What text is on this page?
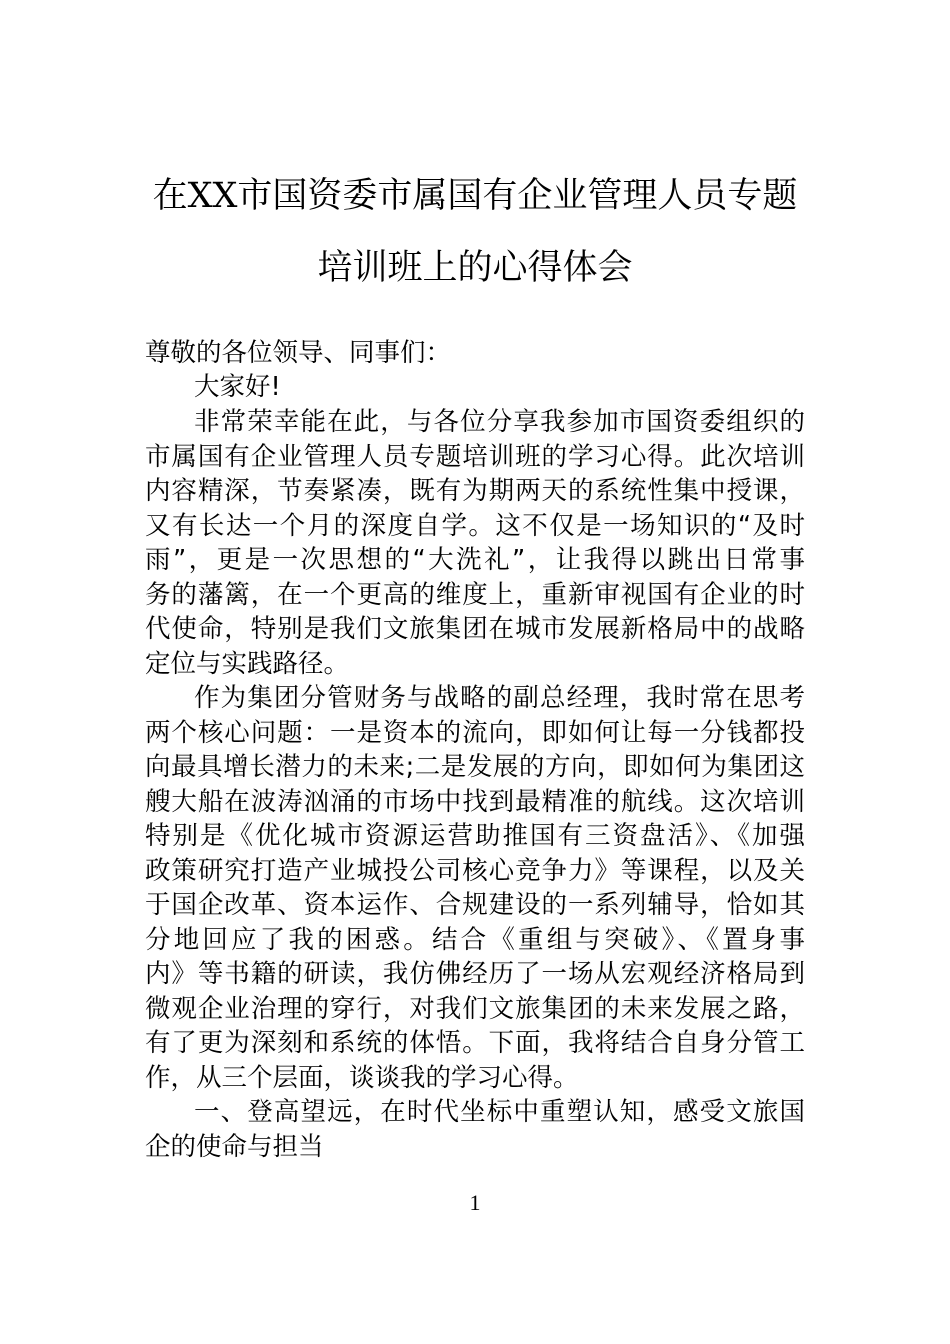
在XX市国资委市属国有企业管理人员专题
培训班上的心得体会
尊敬的各位领导、同事们：
大家好!
非常荣幸能在此，与各位分享我参加市国资委组织的
市属国有企业管理人员专题培训班的学习心得。此次培训
内容精深，节奏紧凑，既有为期两天的系统性集中授课，
又有长达一个月的深度自学。这不仅是一场知识的“及时
雨”，更是一次思想的“大洗礼”，让我得以跳出日常事
务的藩篱，在一个更高的维度上，重新审视国有企业的时
代使命，特别是我们文旅集团在城市发展新格局中的战略
定位与实践路径。
作为集团分管财务与战略的副总经理，我时常在思考
两个核心问题：一是资本的流向，即如何让每一分钱都投
向最具增长潜力的未来;二是发展的方向，即如何为集团这
艘大船在波涛汹涌的市场中找到最精准的航线。这次培训
特别是《优化城市资源运营助推国有三资盘活》、《加强
政策研究打造产业城投公司核心竞争力》等课程，以及关
于国企改革、资本运作、合规建设的一系列辅导，恰如其
分地回应了我的困惑。结合《重组与突破》、《置身事
内》等书籍的研读，我仿佛经历了一场从宏观经济格局到
微观企业治理的穿行，对我们文旅集团的未来发展之路，
有了更为深刻和系统的体悟。下面，我将结合自身分管工
作，从三个层面，谈谈我的学习心得。
一、登高望远，在时代坐标中重塑认知，感受文旅国
企的使命与担当
1
